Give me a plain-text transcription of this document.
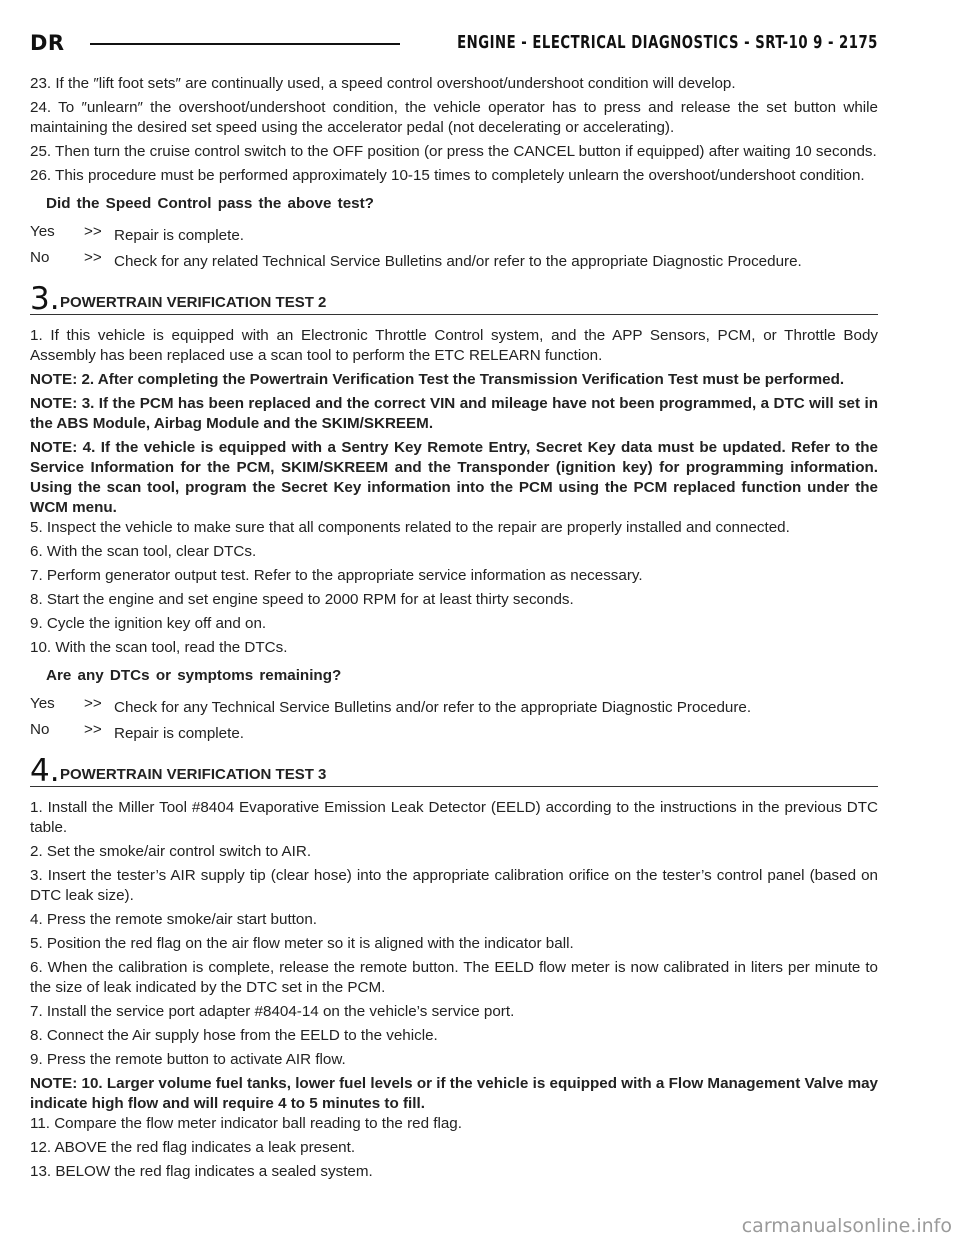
DR	ENGINE - ELECTRICAL DIAGNOSTICS - SRT-10 9 - 2175

23. If the ″lift foot sets″ are continually used, a speed control overshoot/undershoot condition will develop.

24. To ″unlearn″ the overshoot/undershoot condition, the vehicle operator has to press and release the set button while maintaining the desired set speed using the accelerator pedal (not decelerating or accelerating).

25. Then turn the cruise control switch to the OFF position (or press the CANCEL button if equipped) after waiting 10 seconds.

26. This procedure must be performed approximately 10-15 times to completely unlearn the overshoot/undershoot condition.

Did the Speed Control pass the above test?

Yes >> Repair is complete.
No >> Check for any related Technical Service Bulletins and/or refer to the appropriate Diagnostic Procedure.
3. POWERTRAIN VERIFICATION TEST 2

1. If this vehicle is equipped with an Electronic Throttle Control system, and the APP Sensors, PCM, or Throttle Body Assembly has been replaced use a scan tool to perform the ETC RELEARN function.

NOTE: 2. After completing the Powertrain Verification Test the Transmission Verification Test must be performed.

NOTE: 3. If the PCM has been replaced and the correct VIN and mileage have not been programmed, a DTC will set in the ABS Module, Airbag Module and the SKIM/SKREEM.

NOTE: 4. If the vehicle is equipped with a Sentry Key Remote Entry, Secret Key data must be updated. Refer to the Service Information for the PCM, SKIM/SKREEM and the Transponder (ignition key) for programming information. Using the scan tool, program the Secret Key information into the PCM using the PCM replaced function under the WCM menu.

5. Inspect the vehicle to make sure that all components related to the repair are properly installed and connected.

6. With the scan tool, clear DTCs.

7. Perform generator output test. Refer to the appropriate service information as necessary.

8. Start the engine and set engine speed to 2000 RPM for at least thirty seconds.

9. Cycle the ignition key off and on.

10. With the scan tool, read the DTCs.

Are any DTCs or symptoms remaining?

Yes >> Check for any Technical Service Bulletins and/or refer to the appropriate Diagnostic Procedure.
No >> Repair is complete.
4. POWERTRAIN VERIFICATION TEST 3

1. Install the Miller Tool #8404 Evaporative Emission Leak Detector (EELD) according to the instructions in the previous DTC table.

2. Set the smoke/air control switch to AIR.

3. Insert the tester’s AIR supply tip (clear hose) into the appropriate calibration orifice on the tester’s control panel (based on DTC leak size).

4. Press the remote smoke/air start button.

5. Position the red flag on the air flow meter so it is aligned with the indicator ball.

6. When the calibration is complete, release the remote button. The EELD flow meter is now calibrated in liters per minute to the size of leak indicated by the DTC set in the PCM.

7. Install the service port adapter #8404-14 on the vehicle’s service port.

8. Connect the Air supply hose from the EELD to the vehicle.

9. Press the remote button to activate AIR flow.

NOTE: 10. Larger volume fuel tanks, lower fuel levels or if the vehicle is equipped with a Flow Management Valve may indicate high flow and will require 4 to 5 minutes to fill.

11. Compare the flow meter indicator ball reading to the red flag.

12. ABOVE the red flag indicates a leak present.

13. BELOW the red flag indicates a sealed system.

carmanualsonline.info
